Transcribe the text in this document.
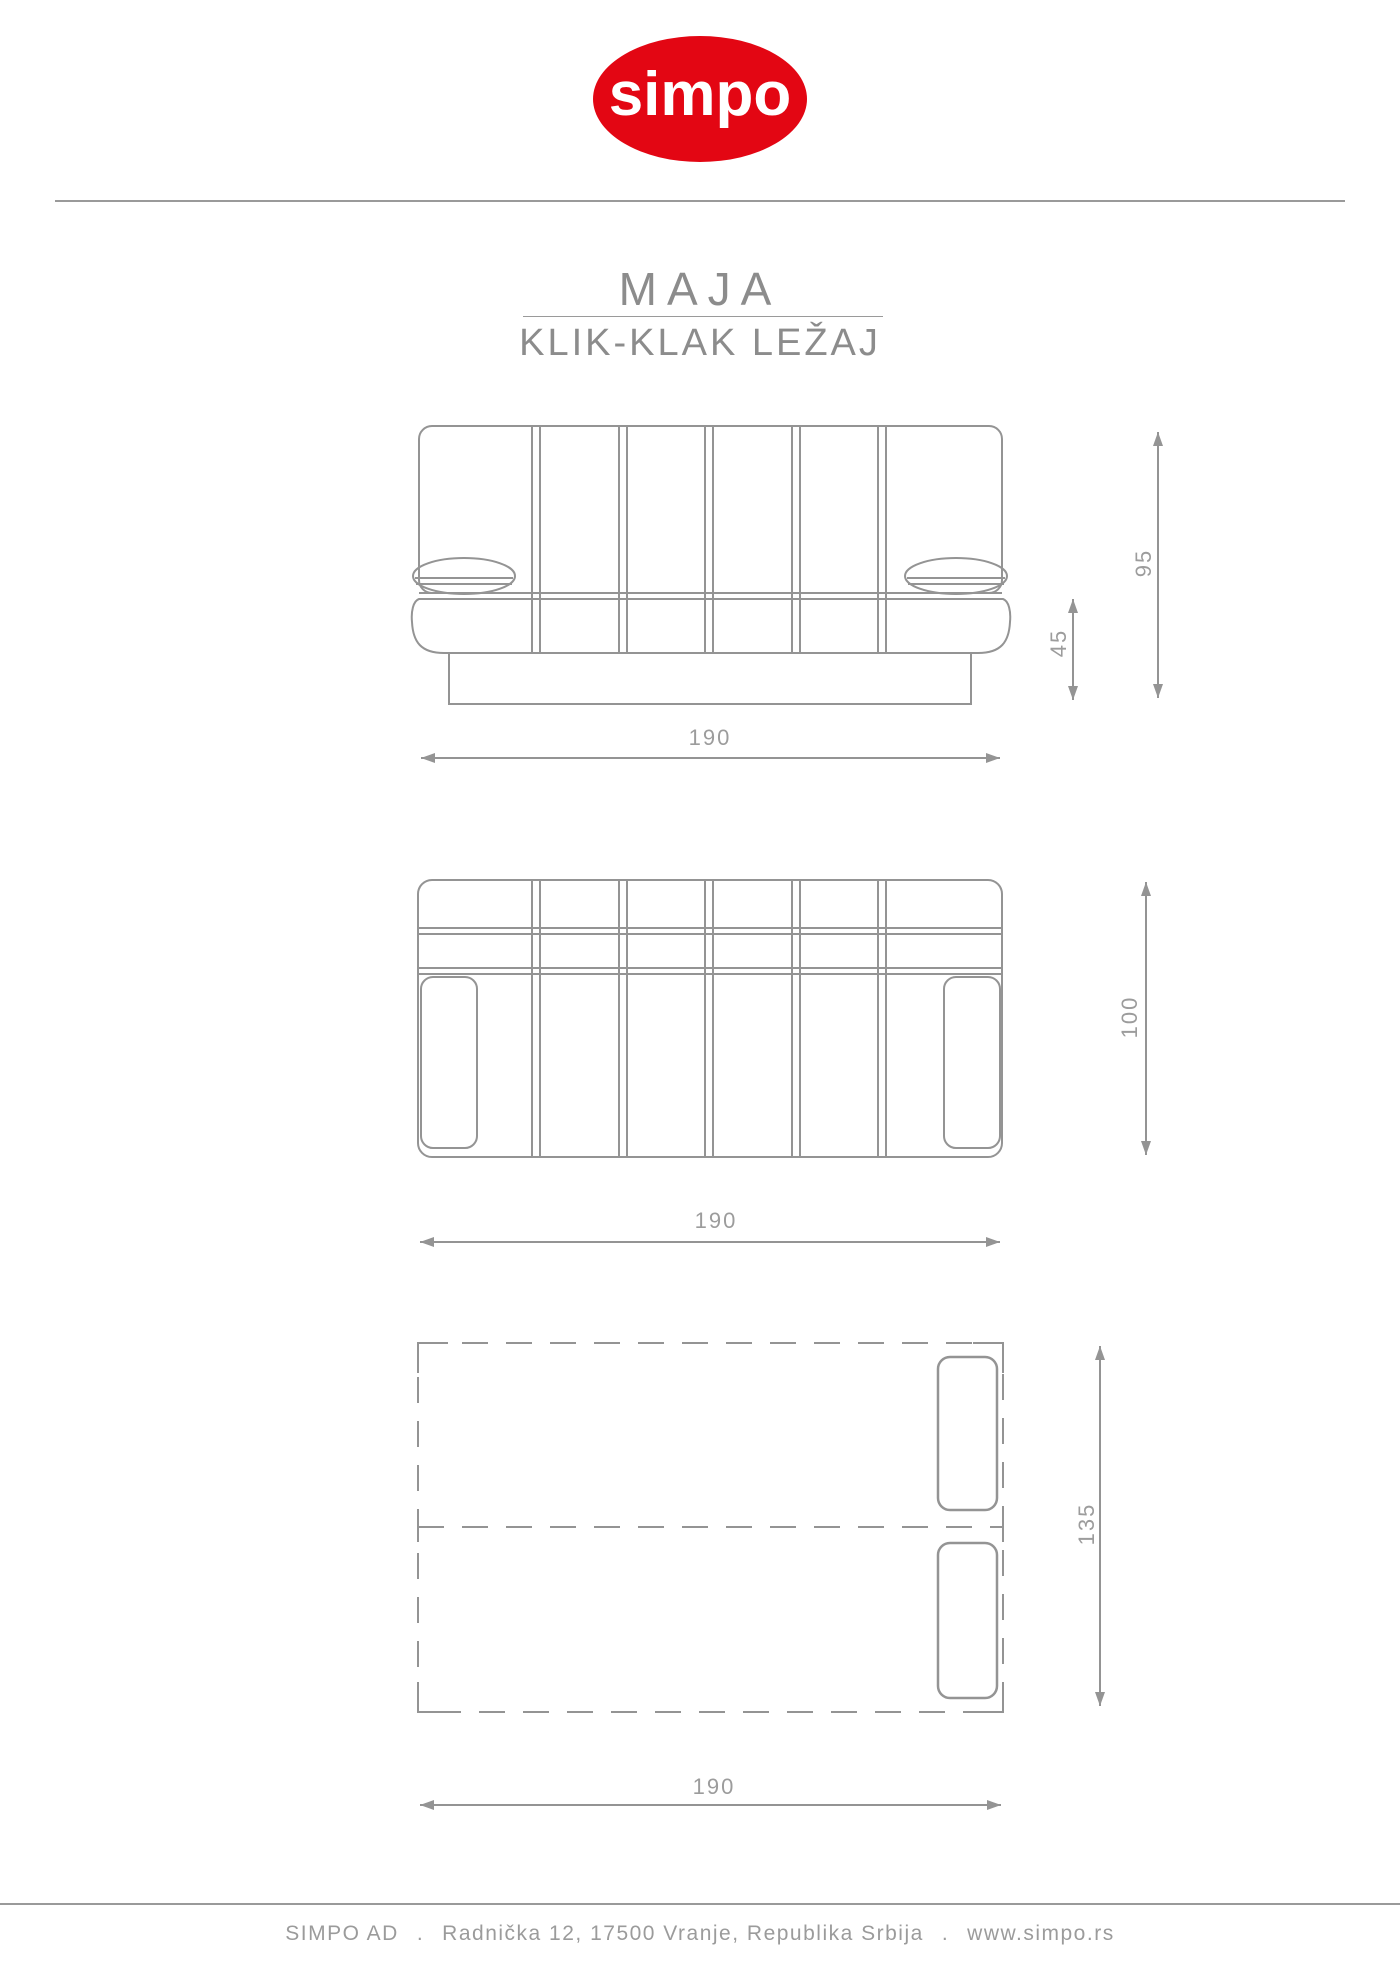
simpo
MAJA
KLIK-KLAK LEŽAJ
190
95
45
100
190
135
190
SIMPO AD . Radnička 12, 17500 Vranje, Republika Srbija . www.simpo.rs
